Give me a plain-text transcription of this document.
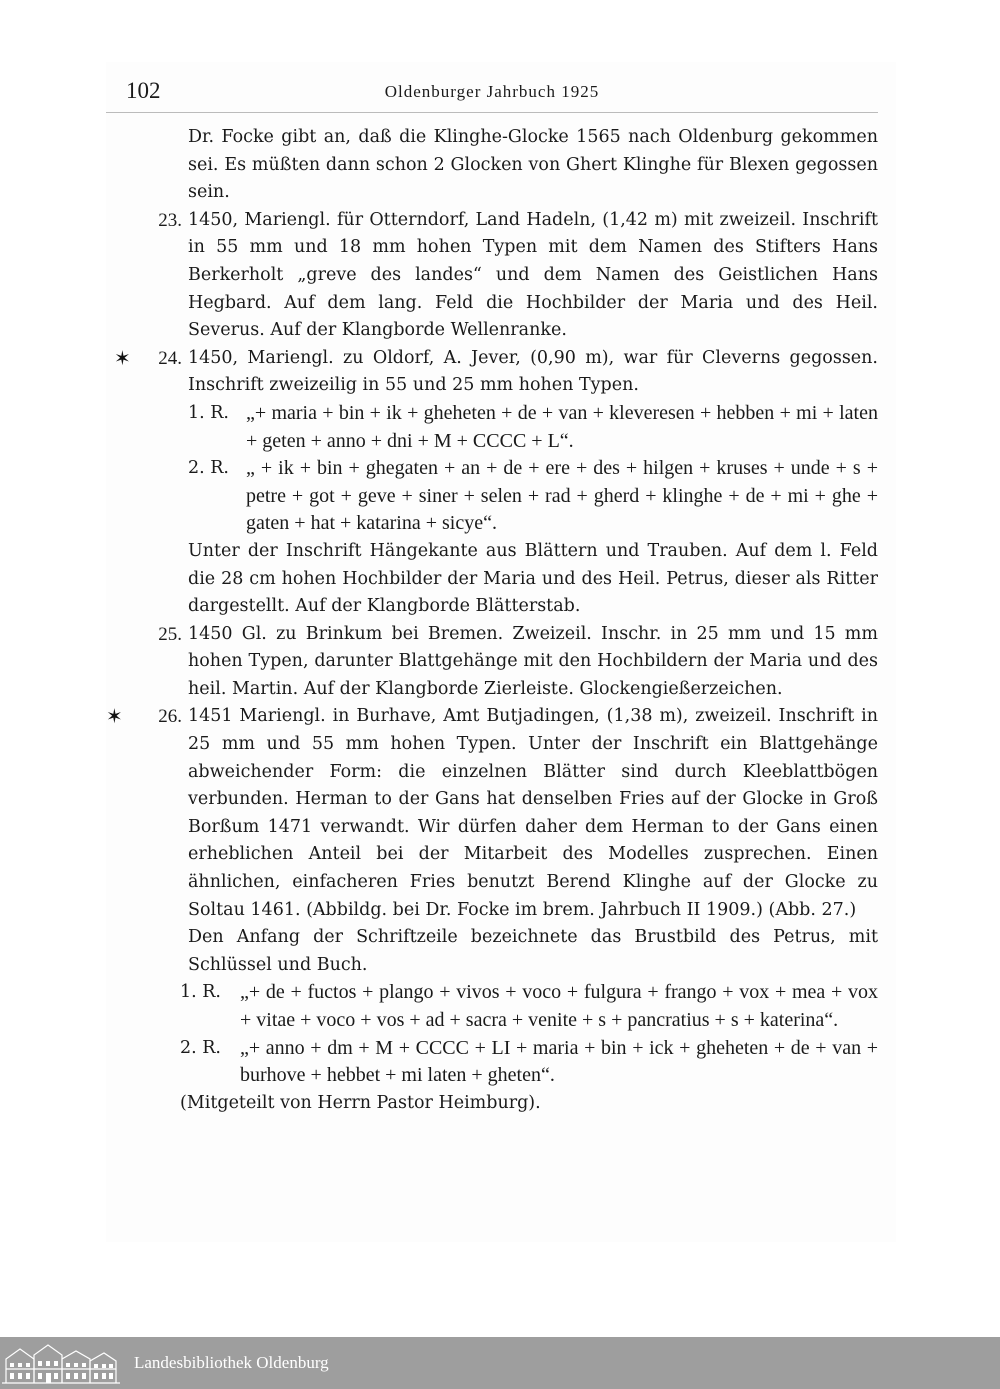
102	Oldenburger Jahrbuch 1925
Dr. Focke gibt an, daß die Klinghe-Glocke 1565 nach Oldenburg gekommen sei. Es müßten dann schon 2 Glocken von Ghert Klinghe für Blexen gegossen sein.
23. 1450, Mariengl. für Otterndorf, Land Hadeln, (1,42 m) mit zweizeil. Inschrift in 55 mm und 18 mm hohen Typen mit dem Namen des Stifters Hans Berkerholt „greve des landes“ und dem Namen des Geistlichen Hans Hegbard. Auf dem lang. Feld die Hochbilder der Maria und des Heil. Severus. Auf der Klangborde Wellenranke.
✶	24. 1450, Mariengl. zu Oldorf, A. Jever, (0,90 m), war für Cleverns gegossen. Inschrift zweizeilig in 55 und 25 mm hohen Typen.
1. R. „+ maria + bin + ik + gheheten + de + van + kleveresen + hebben + mi + laten + geten + anno + dni + M + CCCC + L“.
2. R. „ + ik + bin + ghegaten + an + de + ere + des + hilgen + kruses + unde + s + petre + got + geve + siner + selen + rad + gherd + klinghe + de + mi + ghe + gaten + hat + katarina + sicye“.
Unter der Inschrift Hängekante aus Blättern und Trauben. Auf dem l. Feld die 28 cm hohen Hochbilder der Maria und des Heil. Petrus, dieser als Ritter dargestellt. Auf der Klangborde Blätterstab.
25. 1450 Gl. zu Brinkum bei Bremen. Zweizeil. Inschr. in 25 mm und 15 mm hohen Typen, darunter Blattgehänge mit den Hochbildern der Maria und des heil. Martin. Auf der Klangborde Zierleiste. Glockengießerzeichen.
✶	26. 1451 Mariengl. in Burhave, Amt Butjadingen, (1,38 m), zweizeil. Inschrift in 25 mm und 55 mm hohen Typen. Unter der Inschrift ein Blattgehänge abweichender Form: die einzelnen Blätter sind durch Kleeblattbögen verbunden. Herman to der Gans hat denselben Fries auf der Glocke in Groß Borßum 1471 verwandt. Wir dürfen daher dem Herman to der Gans einen erheblichen Anteil bei der Mitarbeit des Modelles zusprechen. Einen ähnlichen, einfacheren Fries benutzt Berend Klinghe auf der Glocke zu Soltau 1461. (Abbildg. bei Dr. Focke im brem. Jahrbuch II 1909.) (Abb. 27.)
Den Anfang der Schriftzeile bezeichnete das Brustbild des Petrus, mit Schlüssel und Buch.
1. R. „+ de + fuctos + plango + vivos + voco + fulgura + frango + vox + mea + vox + vitae + voco + vos + ad + sacra + venite + s + pancratius + s + katerina“.
2. R. „+ anno + dm + M + CCCC + LI + maria + bin + ick + gheheten + de + van + burhove + hebbet + mi laten + gheten“.
(Mitgeteilt von Herrn Pastor Heimburg).
Landesbibliothek Oldenburg
